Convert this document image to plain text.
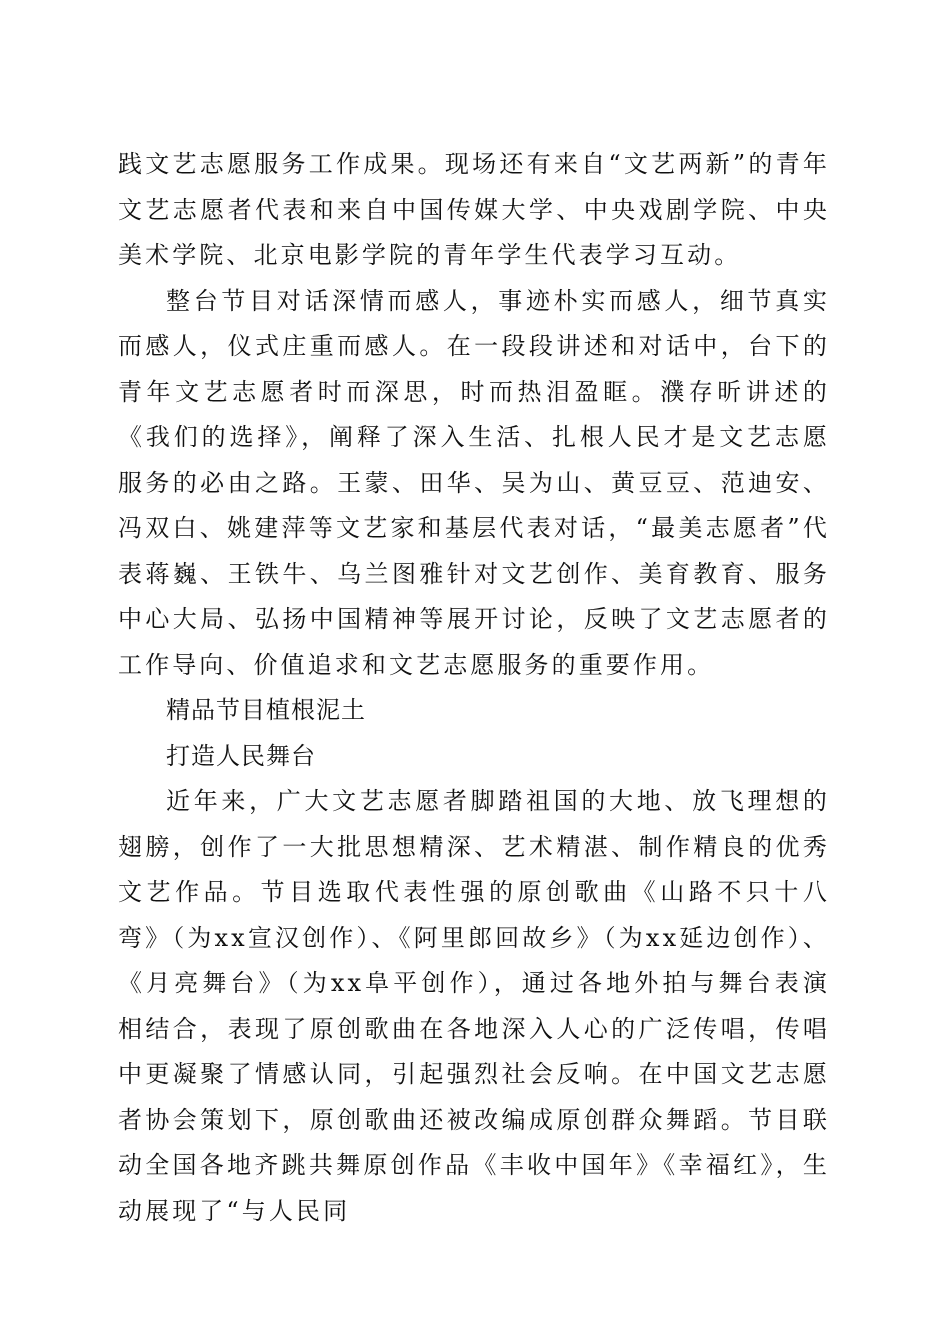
践文艺志愿服务工作成果。现场还有来自“文艺两新”的青年文艺志愿者代表和来自中国传媒大学、中央戏剧学院、中央美术学院、北京电影学院的青年学生代表学习互动。

整台节目对话深情而感人，事迹朴实而感人，细节真实而感人，仪式庄重而感人。在一段段讲述和对话中，台下的青年文艺志愿者时而深思，时而热泪盈眶。濮存昕讲述的《我们的选择》，阐释了深入生活、扎根人民才是文艺志愿服务的必由之路。王蒙、田华、吴为山、黄豆豆、范迪安、冯双白、姚建萍等文艺家和基层代表对话，“最美志愿者”代表蒋巍、王铁牛、乌兰图雅针对文艺创作、美育教育、服务中心大局、弘扬中国精神等展开讨论，反映了文艺志愿者的工作导向、价值追求和文艺志愿服务的重要作用。

精品节目植根泥土

打造人民舞台

近年来，广大文艺志愿者脚踏祖国的大地、放飞理想的翅膀，创作了一大批思想精深、艺术精湛、制作精良的优秀文艺作品。节目选取代表性强的原创歌曲《山路不只十八弯》（为xx宣汉创作）、《阿里郎回故乡》（为xx延边创作）、《月亮舞台》（为xx阜平创作），通过各地外拍与舞台表演相结合，表现了原创歌曲在各地深入人心的广泛传唱，传唱中更凝聚了情感认同，引起强烈社会反响。在中国文艺志愿者协会策划下，原创歌曲还被改编成原创群众舞蹈。节目联动全国各地齐跳共舞原创作品《丰收中国年》《幸福红》，生动展现了“与人民同
